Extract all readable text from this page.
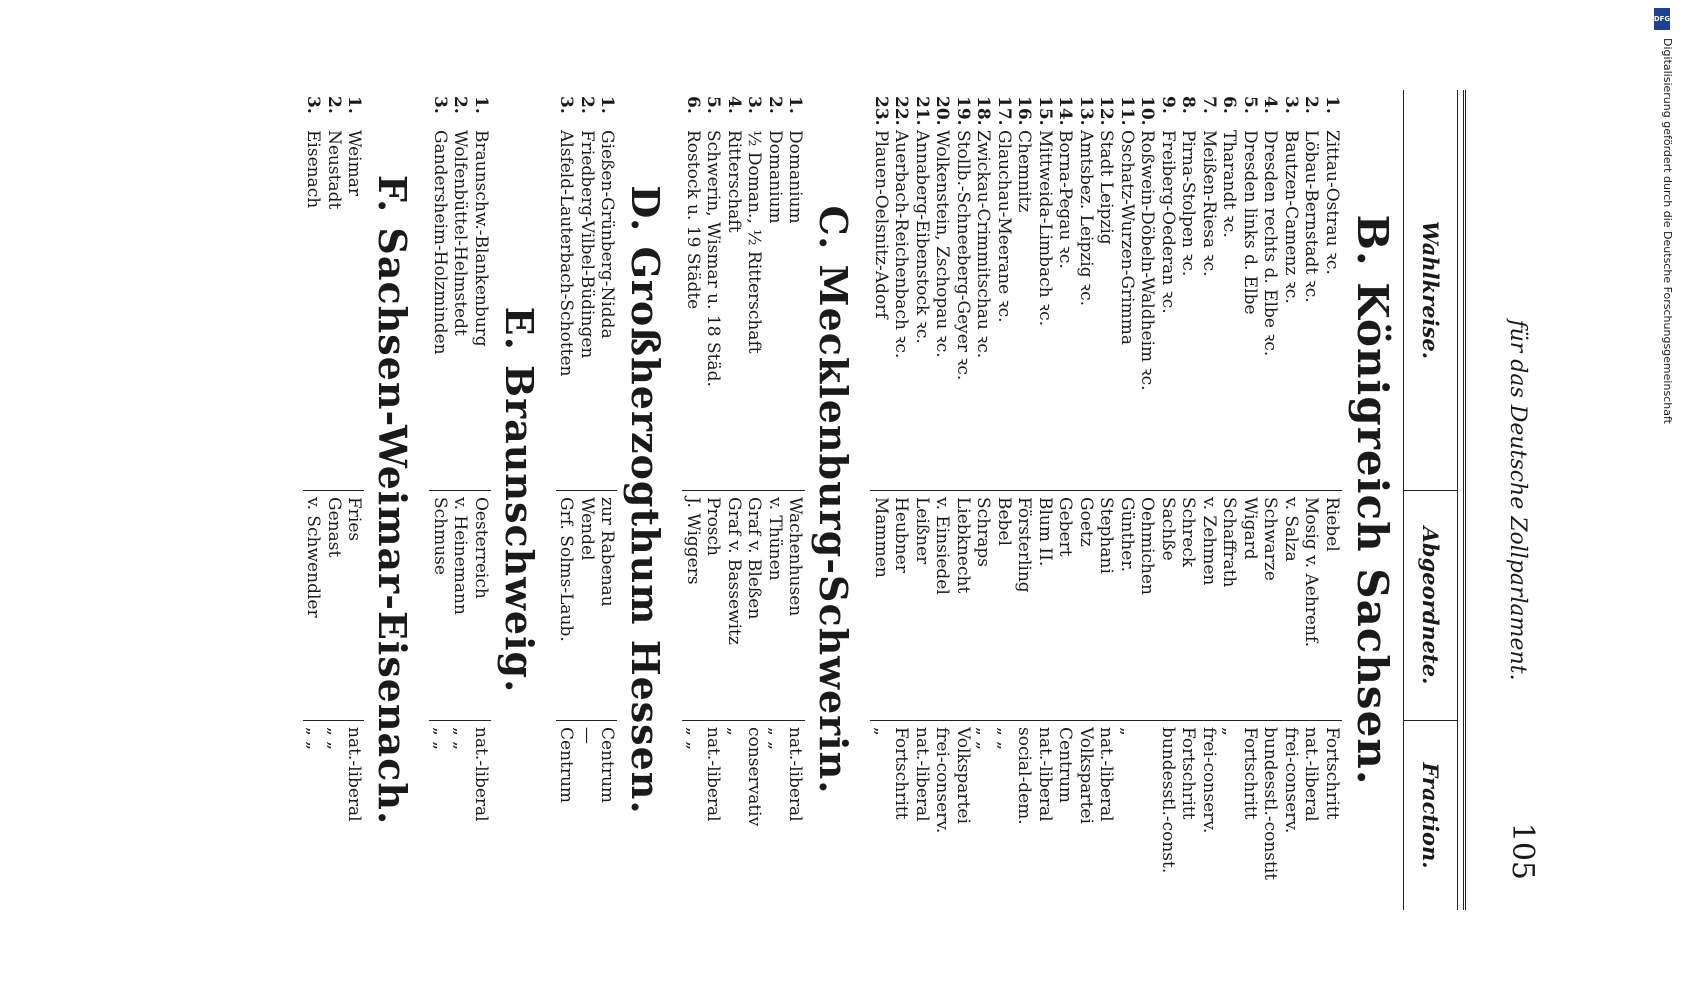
für das Deutsche Zollparlament.
105
Wahlkreise.
Abgeordnete.
Fraction.
B. Königreich Sachsen.
1.Zittau-Ostrau ꝛc.
Riebel
Fortschritt
2.Löbau-Bernstadt ꝛc.
Mosig v. Aehrenf.
nat.-liberal
3.Bautzen-Camenz ꝛc.
v. Salza
frei-conserv.
4.Dresden rechts d. Elbe ꝛc.
Schwarze
bundesstl.-constit
5.Dresden links d. Elbe
Wigard
Fortschritt
6.Tharandt ꝛc.
Schaffrath
„
7.Meißen-Riesa ꝛc.
v. Zehmen
frei-conserv.
8.Pirna-Stolpen ꝛc.
Schreck
Fortschritt
9.Freiberg-Oederan ꝛc.
Sachße
bundesstl.-const.
10.Roßwein-Döbeln-Waldheim ꝛc.
Oehmichen
11.Oschatz-Wurzen-Grimma
Günther.
„
12.Stadt Leipzig
Stephani
nat.-liberal
13.Amtsbez. Leipzig ꝛc.
Goetz
Volkspartei
14.Borna-Pegau ꝛc.
Gebert
Centrum
15.Mittweida-Limbach ꝛc.
Blum II.
nat.-liberal
16.Chemnitz
Försterling
social-dem.
17.Glauchau-Meerane ꝛc.
Bebel
„ „
18.Zwickau-Crimmitschau ꝛc.
Schraps
„ „
19.Stollb.-Schneeberg-Geyer ꝛc.
Liebknecht
Volkspartei
20.Wolkenstein, Zschopau ꝛc.
v. Einsiedel
frei-conserv.
21.Annaberg-Eibenstock ꝛc.
Leißner
nat.-liberal
22.Auerbach-Reichenbach ꝛc.
Heubner
Fortschritt
23.Plauen-Oelsnitz-Adorf
Mammen
„
C. Mecklenburg-Schwerin.
1.Domanium
Wachenhusen
nat.-liberal
2.Domanium
v. Thünen
„ „
3.½ Doman., ½ Ritterschaft
Graf v. Bleßen
conservativ
4.Ritterschaft
Graf v. Bassewitz
„
5.Schwerin, Wismar u. 18 Städ.
Prosch
nat.-liberal
6.Rostock u. 19 Städte
J. Wiggers
„ „
D. Großherzogthum Hessen.
1.Gießen-Grünberg-Nidda
zur Rabenau
Centrum
2.Friedberg-Vilbel-Büdingen
Wendel
—
3.Alsfeld-Lauterbach-Schotten
Grf. Solms-Laub.
Centrum
E. Braunschweig.
1.Braunschw.-Blankenburg
Oesterreich
nat.-liberal
2.Wolfenbüttel-Helmstedt
v. Heinemann
„ „
3.Gandersheim-Holzminden
Schmuse
„ „
F. Sachsen-Weimar-Eisenach.
1.Weimar
Fries
nat.-liberal
2.Neustadt
Genast
„ „
3.Eisenach
v. Schwendler
„ „
DFG
Digitalisierung gefördert durch die Deutsche Forschungsgemeinschaft
